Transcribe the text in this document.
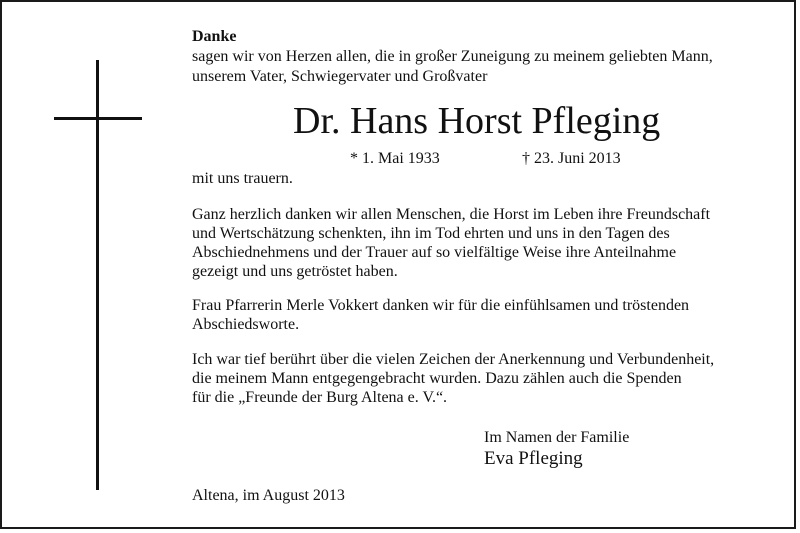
Danke
sagen wir von Herzen allen, die in großer Zuneigung zu meinem geliebten Mann,
unserem Vater, Schwiegervater und Großvater
Dr. Hans Horst Pfleging
* 1. Mai 1933	† 23. Juni 2013
mit uns trauern.
Ganz herzlich danken wir allen Menschen, die Horst im Leben ihre Freundschaft
und Wertschätzung schenkten, ihn im Tod ehrten und uns in den Tagen des
Abschiednehmens und der Trauer auf so vielfältige Weise ihre Anteilnahme
gezeigt und uns getröstet haben.
Frau Pfarrerin Merle Vokkert danken wir für die einfühlsamen und tröstenden
Abschiedsworte.
Ich war tief berührt über die vielen Zeichen der Anerkennung und Verbundenheit,
die meinem Mann entgegengebracht wurden. Dazu zählen auch die Spenden
für die „Freunde der Burg Altena e. V.“.
Im Namen der Familie
Eva Pfleging
Altena, im August 2013
